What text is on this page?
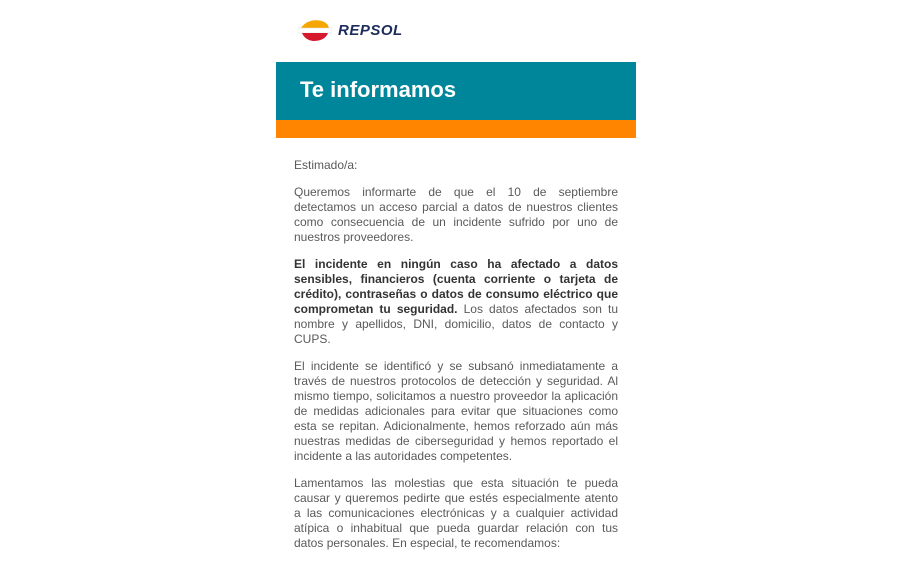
REPSOL
Te informamos

Estimado/a:

Queremos informarte de que el 10 de septiembre detectamos un acceso parcial a datos de nuestros clientes como consecuencia de un incidente sufrido por uno de nuestros proveedores.

El incidente en ningún caso ha afectado a datos sensibles, financieros (cuenta corriente o tarjeta de crédito), contraseñas o datos de consumo eléctrico que comprometan tu seguridad. Los datos afectados son tu nombre y apellidos, DNI, domicilio, datos de contacto y CUPS.

El incidente se identificó y se subsanó inmediatamente a través de nuestros protocolos de detección y seguridad. Al mismo tiempo, solicitamos a nuestro proveedor la aplicación de medidas adicionales para evitar que situaciones como esta se repitan. Adicionalmente, hemos reforzado aún más nuestras medidas de ciberseguridad y hemos reportado el incidente a las autoridades competentes.

Lamentamos las molestias que esta situación te pueda causar y queremos pedirte que estés especialmente atento a las comunicaciones electrónicas y a cualquier actividad atípica o inhabitual que pueda guardar relación con tus datos personales. En especial, te recomendamos:
